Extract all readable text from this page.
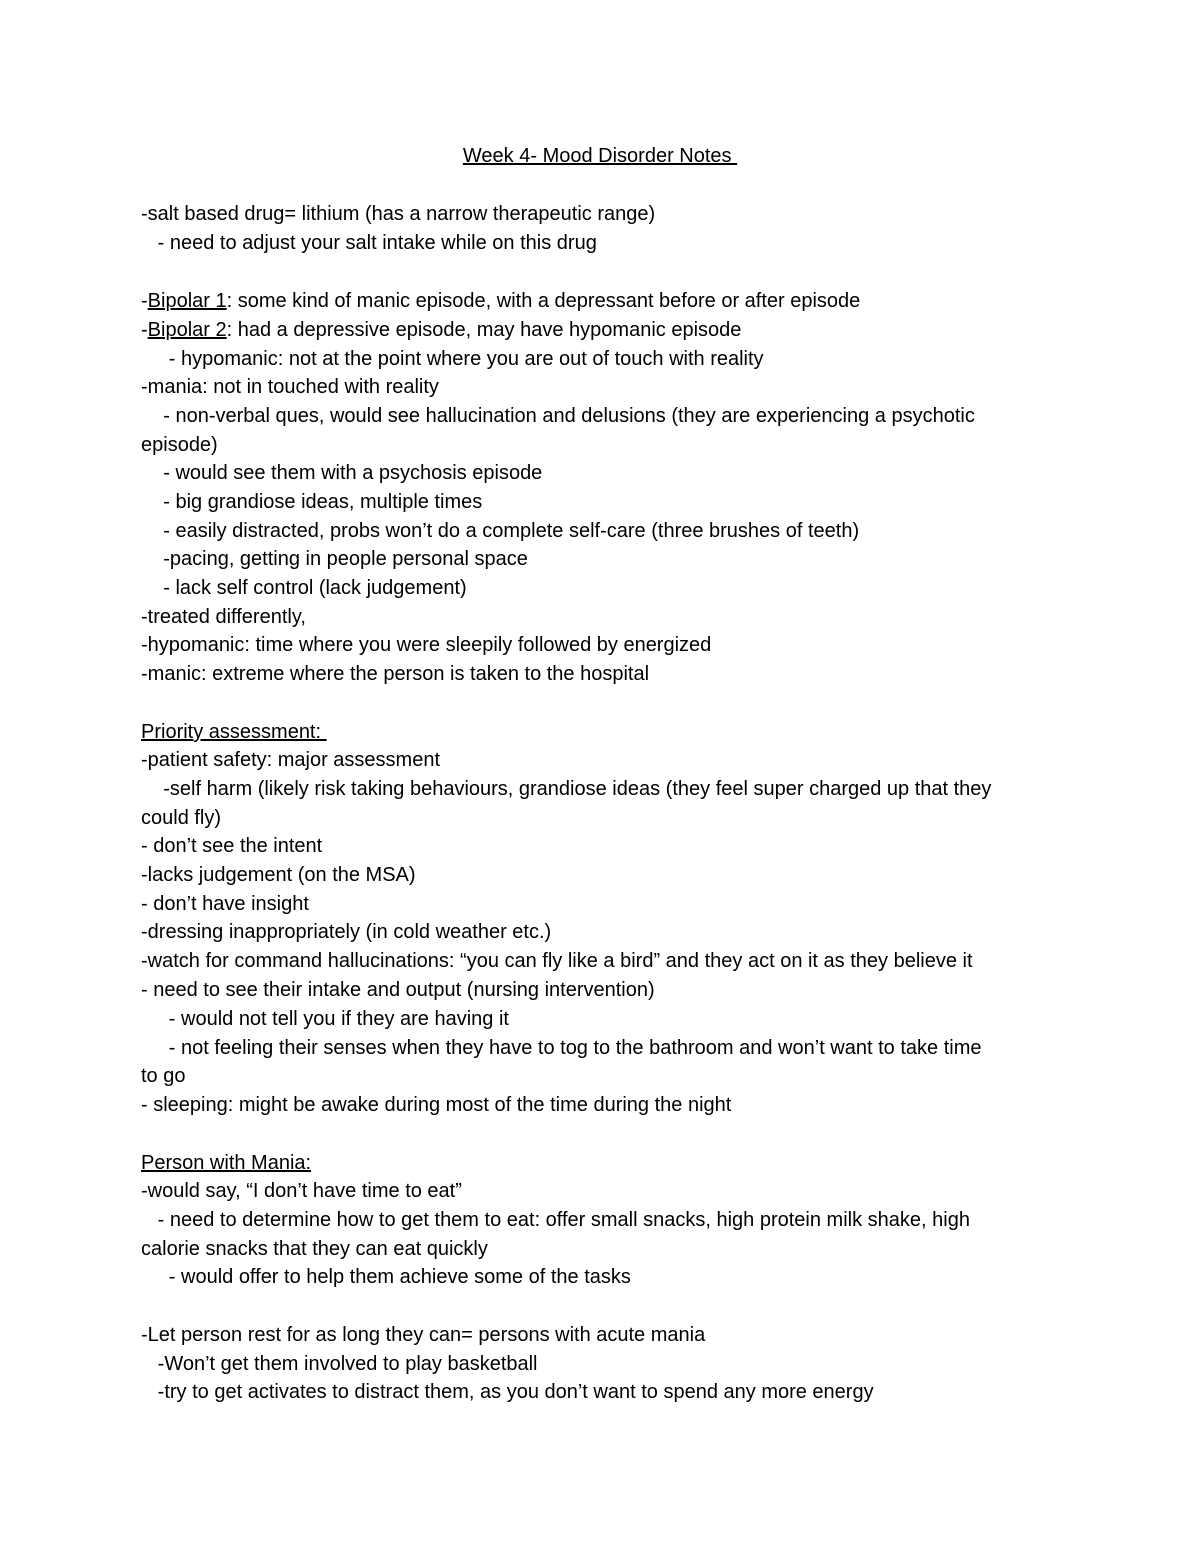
Week 4- Mood Disorder Notes
-salt based drug= lithium (has a narrow therapeutic range)
- need to adjust your salt intake while on this drug
-Bipolar 1: some kind of manic episode, with a depressant before or after episode
-Bipolar 2: had a depressive episode, may have hypomanic episode
- hypomanic: not at the point where you are out of touch with reality
-mania: not in touched with reality
- non-verbal ques, would see hallucination and delusions (they are experiencing a psychotic
episode)
- would see them with a psychosis episode
- big grandiose ideas, multiple times
- easily distracted, probs won’t do a complete self-care (three brushes of teeth)
-pacing, getting in people personal space
- lack self control (lack judgement)
-treated differently,
-hypomanic: time where you were sleepily followed by energized
-manic: extreme where the person is taken to the hospital
Priority assessment:
-patient safety: major assessment
-self harm (likely risk taking behaviours, grandiose ideas (they feel super charged up that they
could fly)
- don’t see the intent
-lacks judgement (on the MSA)
- don’t have insight
-dressing inappropriately (in cold weather etc.)
-watch for command hallucinations: “you can fly like a bird” and they act on it as they believe it
- need to see their intake and output (nursing intervention)
- would not tell you if they are having it
- not feeling their senses when they have to tog to the bathroom and won’t want to take time
to go
- sleeping: might be awake during most of the time during the night
Person with Mania:
-would say, “I don’t have time to eat”
- need to determine how to get them to eat: offer small snacks, high protein milk shake, high
calorie snacks that they can eat quickly
- would offer to help them achieve some of the tasks
-Let person rest for as long they can= persons with acute mania
-Won’t get them involved to play basketball
-try to get activates to distract them, as you don’t want to spend any more energy
